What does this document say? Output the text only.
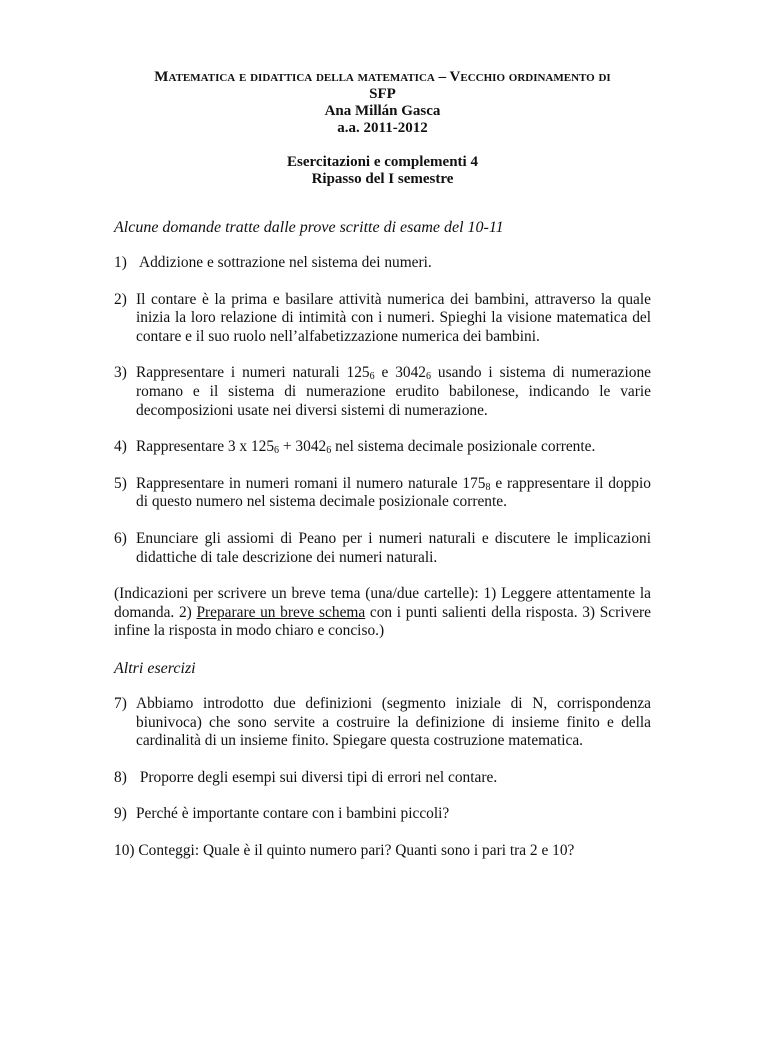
Matematica e didattica della matematica – Vecchio ordinamento di
SFP
Ana Millán Gasca
a.a. 2011-2012
Esercitazioni e complementi 4
Ripasso del I semestre
Alcune domande tratte dalle prove scritte di esame del 10-11
1) Addizione e sottrazione nel sistema dei numeri.
2) Il contare è la prima e basilare attività numerica dei bambini, attraverso la quale inizia la loro relazione di intimità con i numeri. Spieghi la visione matematica del contare e il suo ruolo nell’alfabetizzazione numerica dei bambini.
3) Rappresentare i numeri naturali $125_6$ e $3042_6$ usando i sistema di numerazione romano e il sistema di numerazione erudito babilonese, indicando le varie decomposizioni usate nei diversi sistemi di numerazione.
4) Rappresentare 3 x $125_6 + 3042_6$ nel sistema decimale posizionale corrente.
5) Rappresentare in numeri romani il numero naturale $175_8$ e rappresentare il doppio di questo numero nel sistema decimale posizionale corrente.
6) Enunciare gli assiomi di Peano per i numeri naturali e discutere le implicazioni didattiche di tale descrizione dei numeri naturali.
(Indicazioni per scrivere un breve tema (una/due cartelle): 1) Leggere attentamente la domanda. 2) Preparare un breve schema con i punti salienti della risposta. 3) Scrivere infine la risposta in modo chiaro e conciso.)
Altri esercizi
7) Abbiamo introdotto due definizioni (segmento iniziale di N, corrispondenza biunivoca) che sono servite a costruire la definizione di insieme finito e della cardinalità di un insieme finito. Spiegare questa costruzione matematica.
8) Proporre degli esempi sui diversi tipi di errori nel contare.
9) Perché è importante contare con i bambini piccoli?
10) Conteggi: Quale è il quinto numero pari? Quanti sono i pari tra 2 e 10?
